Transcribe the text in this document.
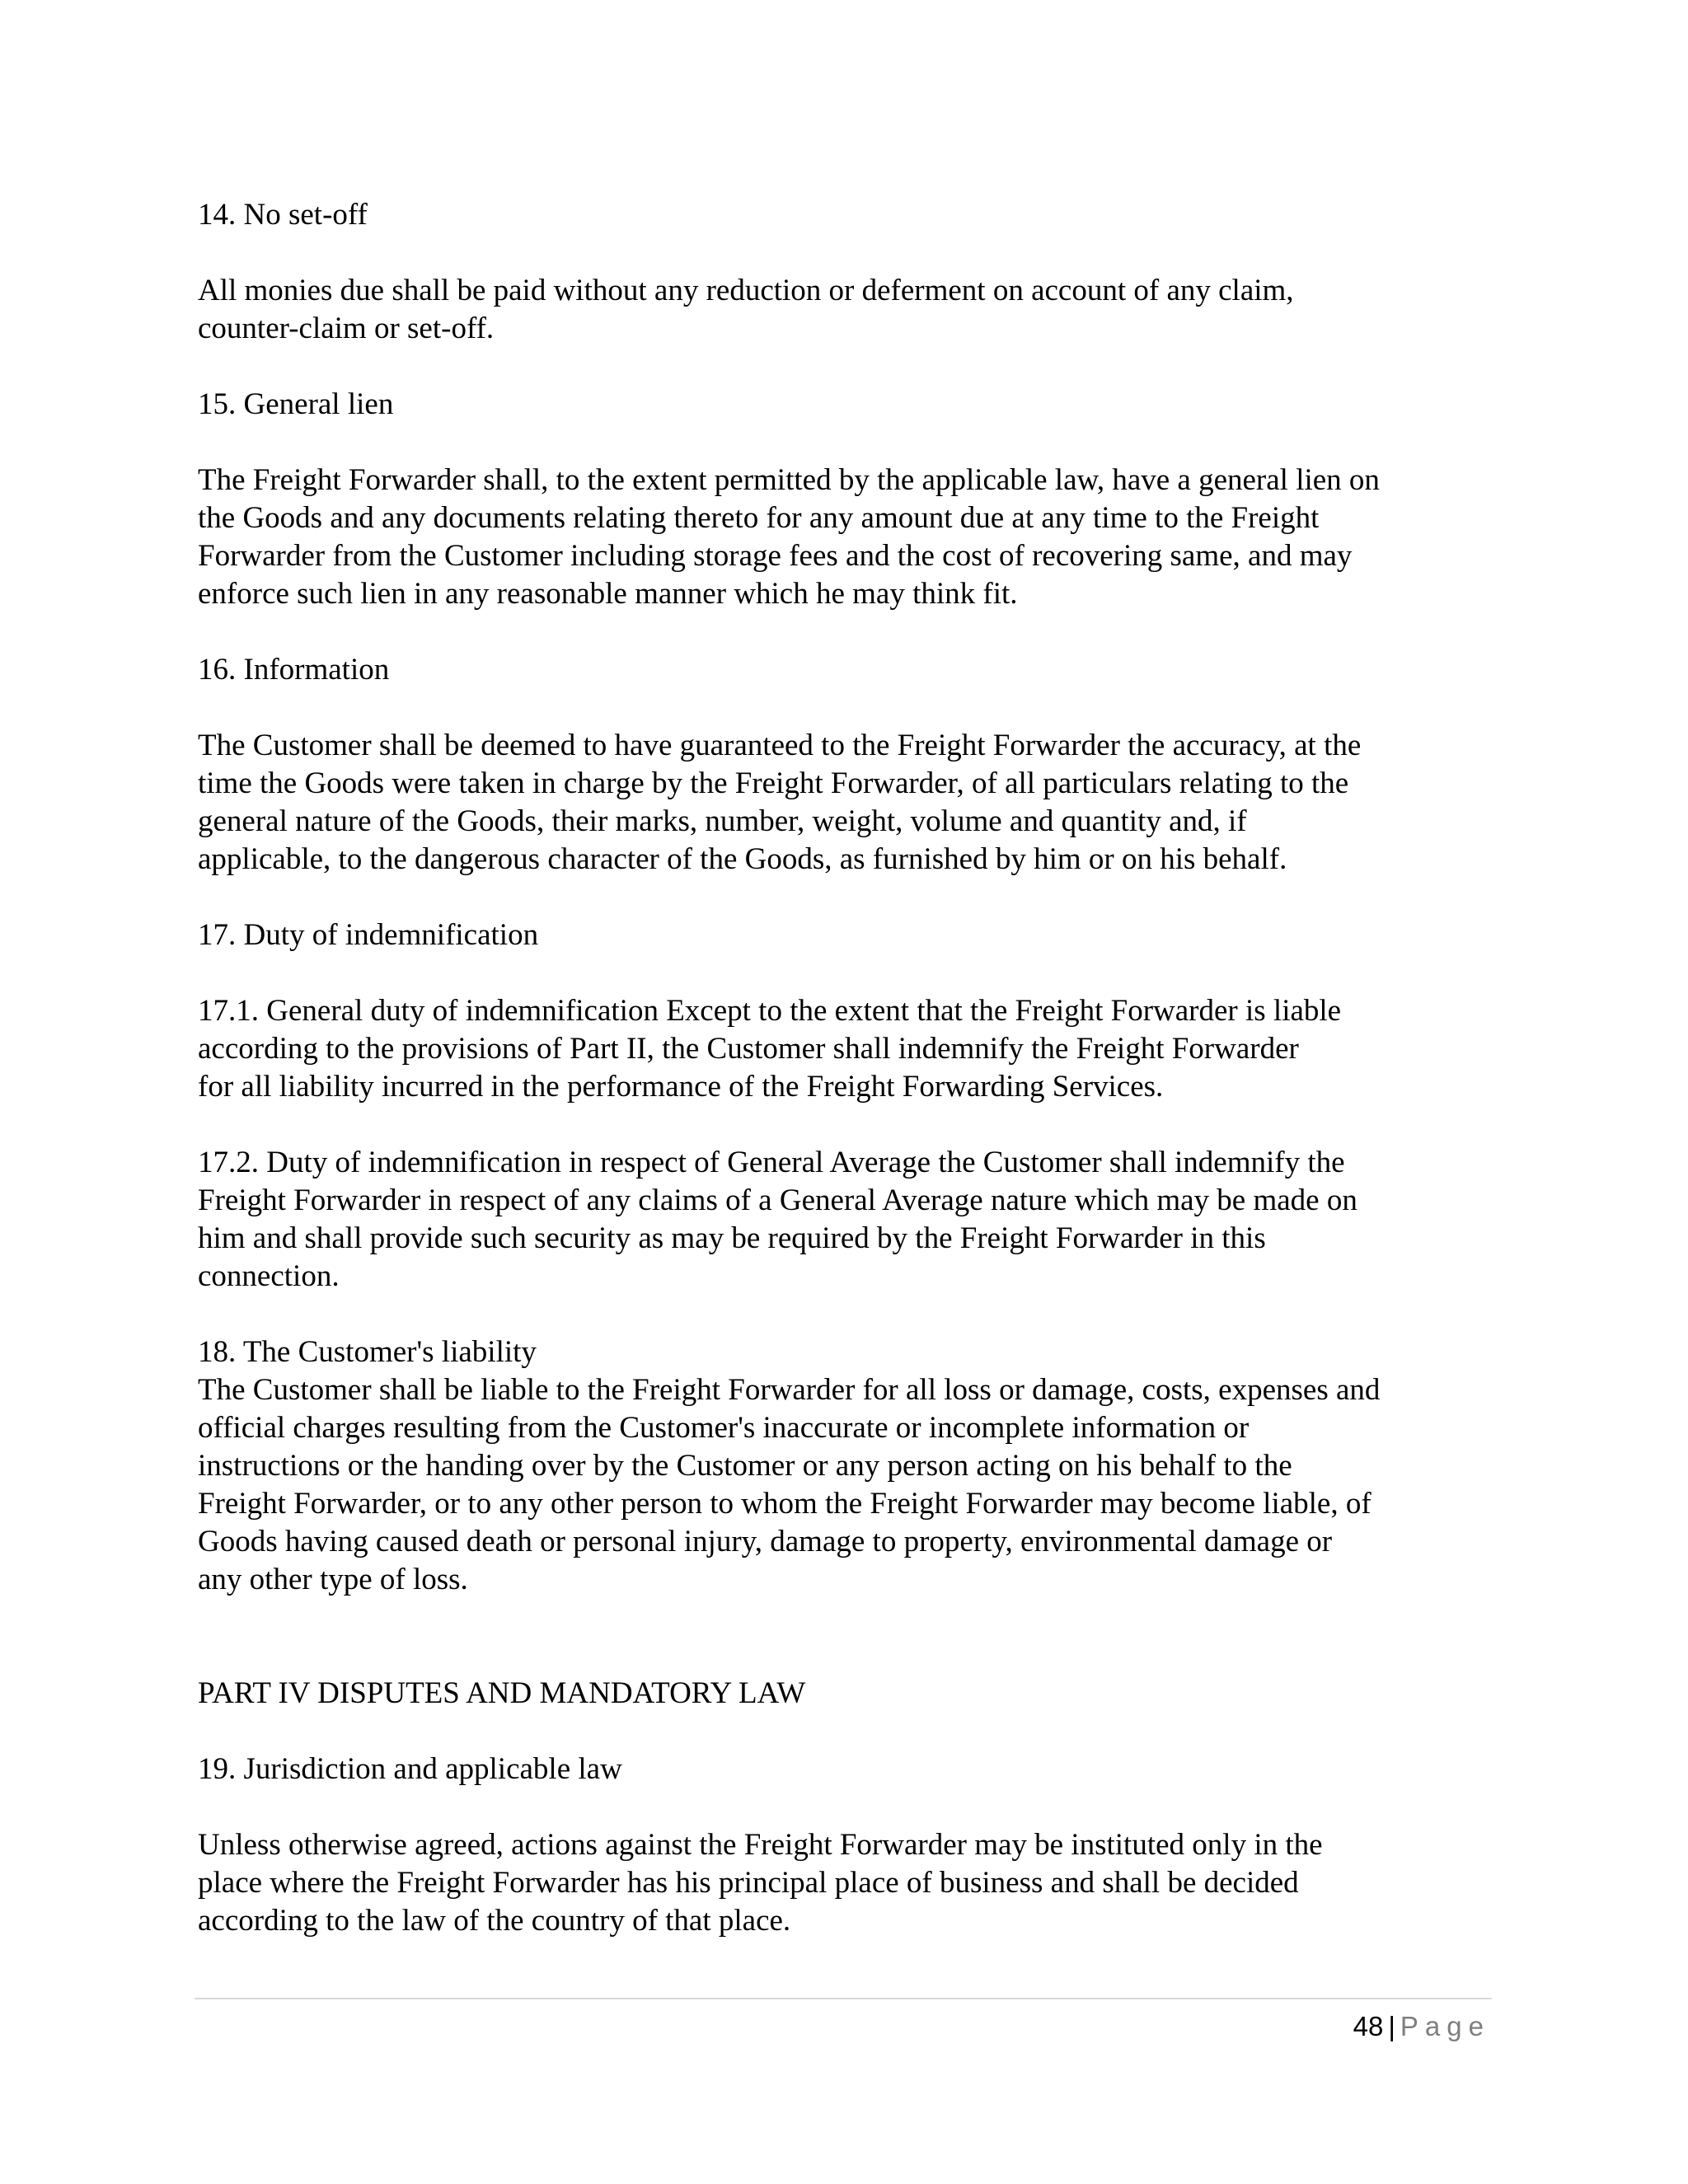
14. No set-off

All monies due shall be paid without any reduction or deferment on account of any claim,
counter-claim or set-off.

15. General lien

The Freight Forwarder shall, to the extent permitted by the applicable law, have a general lien on
the Goods and any documents relating thereto for any amount due at any time to the Freight
Forwarder from the Customer including storage fees and the cost of recovering same, and may
enforce such lien in any reasonable manner which he may think fit.

16. Information

The Customer shall be deemed to have guaranteed to the Freight Forwarder the accuracy, at the
time the Goods were taken in charge by the Freight Forwarder, of all particulars relating to the
general nature of the Goods, their marks, number, weight, volume and quantity and, if
applicable, to the dangerous character of the Goods, as furnished by him or on his behalf.

17. Duty of indemnification

17.1. General duty of indemnification Except to the extent that the Freight Forwarder is liable
according to the provisions of Part II, the Customer shall indemnify the Freight Forwarder
for all liability incurred in the performance of the Freight Forwarding Services.

17.2. Duty of indemnification in respect of General Average the Customer shall indemnify the
Freight Forwarder in respect of any claims of a General Average nature which may be made on
him and shall provide such security as may be required by the Freight Forwarder in this
connection.

18. The Customer's liability

The Customer shall be liable to the Freight Forwarder for all loss or damage, costs, expenses and
official charges resulting from the Customer's inaccurate or incomplete information or
instructions or the handing over by the Customer or any person acting on his behalf to the
Freight Forwarder, or to any other person to whom the Freight Forwarder may become liable, of
Goods having caused death or personal injury, damage to property, environmental damage or
any other type of loss.

PART IV DISPUTES AND MANDATORY LAW

19. Jurisdiction and applicable law

Unless otherwise agreed, actions against the Freight Forwarder may be instituted only in the
place where the Freight Forwarder has his principal place of business and shall be decided
according to the law of the country of that place.

48 | Page
